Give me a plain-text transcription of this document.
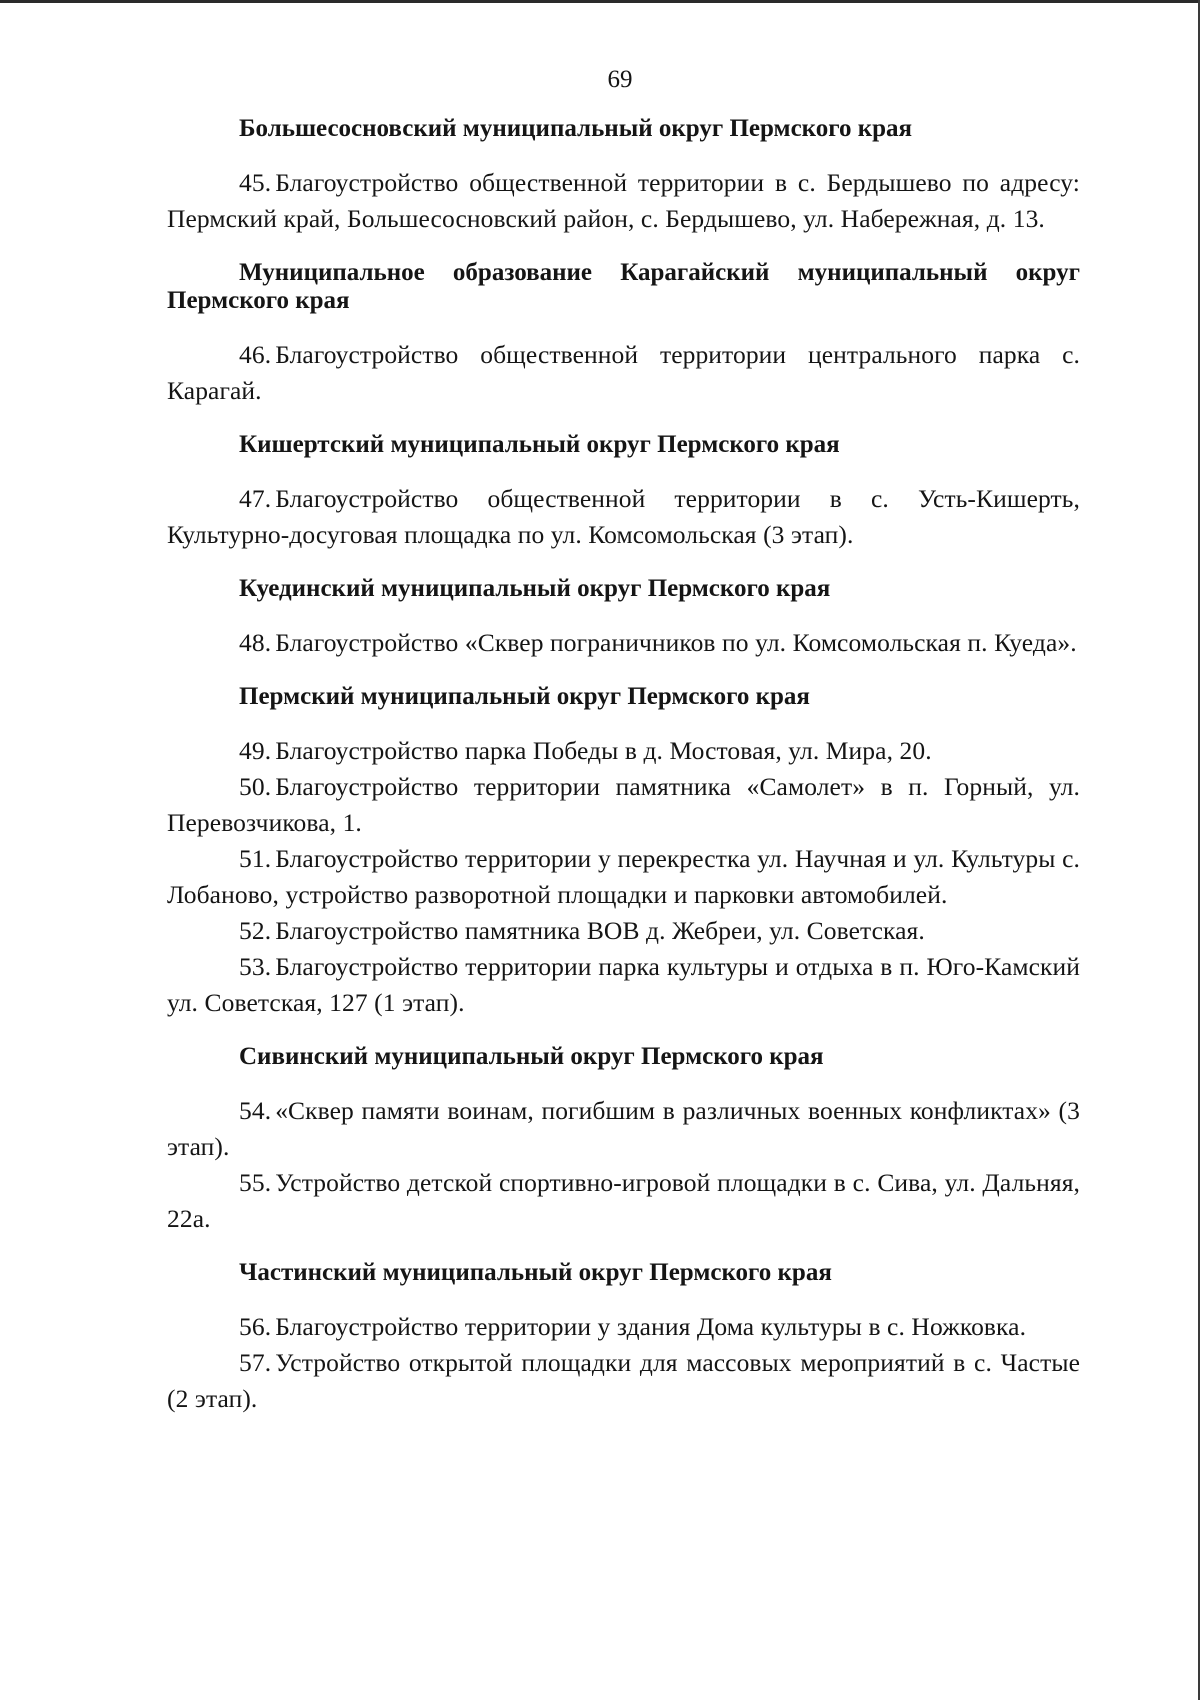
69

Большесосновский муниципальный округ Пермского края

45. Благоустройство общественной территории в с. Бердышево по адресу: Пермский край, Большесосновский район, с. Бердышево, ул. Набережная, д. 13.

Муниципальное образование Карагайский муниципальный округ Пермского края

46. Благоустройство общественной территории центрального парка с. Карагай.

Кишертский муниципальный округ Пермского края

47. Благоустройство общественной территории в с. Усть-Кишерть, Культурно-досуговая площадка по ул. Комсомольская (3 этап).

Куединский муниципальный округ Пермского края

48. Благоустройство «Сквер пограничников по ул. Комсомольская п. Куеда».

Пермский муниципальный округ Пермского края

49. Благоустройство парка Победы в д. Мостовая, ул. Мира, 20.

50. Благоустройство территории памятника «Самолет» в п. Горный, ул. Перевозчикова, 1.

51. Благоустройство территории у перекрестка ул. Научная и ул. Культуры с. Лобаново, устройство разворотной площадки и парковки автомобилей.

52. Благоустройство памятника ВОВ д. Жебреи, ул. Советская.

53. Благоустройство территории парка культуры и отдыха в п. Юго-Камский ул. Советская, 127 (1 этап).

Сивинский муниципальный округ Пермского края

54. «Сквер памяти воинам, погибшим в различных военных конфликтах» (3 этап).

55. Устройство детской спортивно-игровой площадки в с. Сива, ул. Дальняя, 22а.

Частинский муниципальный округ Пермского края

56. Благоустройство территории у здания Дома культуры в с. Ножковка.

57. Устройство открытой площадки для массовых мероприятий в с. Частые (2 этап).
